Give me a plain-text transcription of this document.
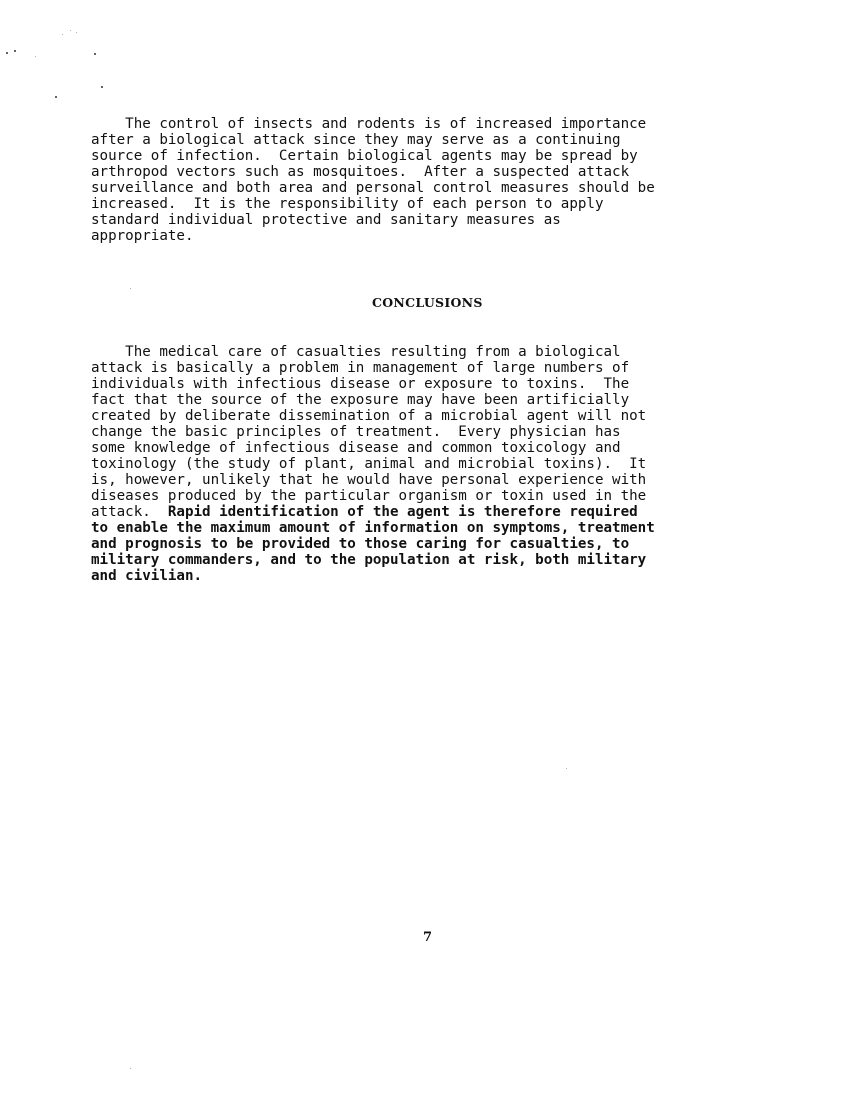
The control of insects and rodents is of increased importance
after a biological attack since they may serve as a continuing
source of infection.  Certain biological agents may be spread by
arthropod vectors such as mosquitoes.  After a suspected attack
surveillance and both area and personal control measures should be
increased.  It is the responsibility of each person to apply
standard individual protective and sanitary measures as
appropriate.
CONCLUSIONS
The medical care of casualties resulting from a biological
attack is basically a problem in management of large numbers of
individuals with infectious disease or exposure to toxins.  The
fact that the source of the exposure may have been artificially
created by deliberate dissemination of a microbial agent will not
change the basic principles of treatment.  Every physician has
some knowledge of infectious disease and common toxicology and
toxinology (the study of plant, animal and microbial toxins).  It
is, however, unlikely that he would have personal experience with
diseases produced by the particular organism or toxin used in the
attack.  Rapid identification of the agent is therefore required
to enable the maximum amount of information on symptoms, treatment
and prognosis to be provided to those caring for casualties, to
military commanders, and to the population at risk, both military
and civilian.
7
